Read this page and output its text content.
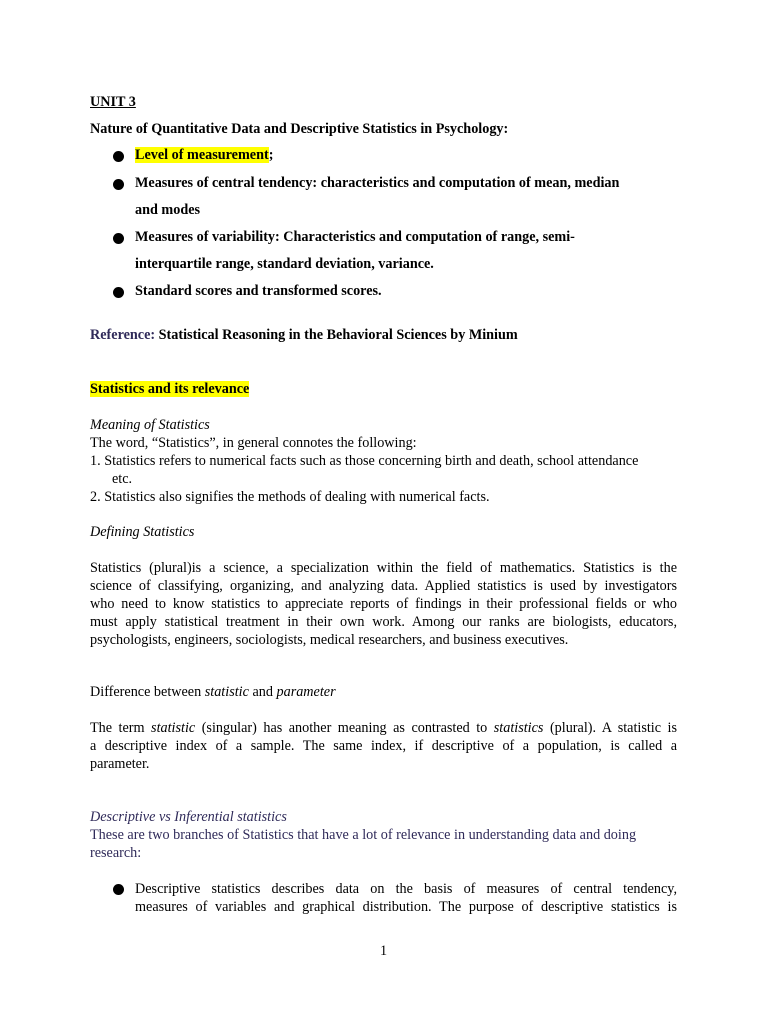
UNIT 3
Nature of Quantitative Data and Descriptive Statistics in Psychology:
Level of measurement;
Measures of central tendency: characteristics and computation of mean, median
and modes
Measures of variability: Characteristics and computation of range, semi-
interquartile range, standard deviation, variance.
Standard scores and transformed scores.
Reference: Statistical Reasoning in the Behavioral Sciences by Minium
Statistics and its relevance
Meaning of Statistics
The word, “Statistics”, in general connotes the following:
1. Statistics refers to numerical facts such as those concerning birth and death, school attendance
etc.
2. Statistics also signifies the methods of dealing with numerical facts.
Defining Statistics
Statistics (plural)is a science, a specialization within the field of mathematics. Statistics is the
science of classifying, organizing, and analyzing data. Applied statistics is used by investigators
who need to know statistics to appreciate reports of findings in their professional fields or who
must apply statistical treatment in their own work. Among our ranks are biologists, educators,
psychologists, engineers, sociologists, medical researchers, and business executives.
Difference between statistic and parameter
The term statistic (singular) has another meaning as contrasted to statistics (plural). A statistic is
a descriptive index of a sample. The same index, if descriptive of a population, is called a
parameter.
Descriptive vs Inferential statistics
These are two branches of Statistics that have a lot of relevance in understanding data and doing
research:
Descriptive statistics describes data on the basis of measures of central tendency,
measures of variables and graphical distribution. The purpose of descriptive statistics is
1
